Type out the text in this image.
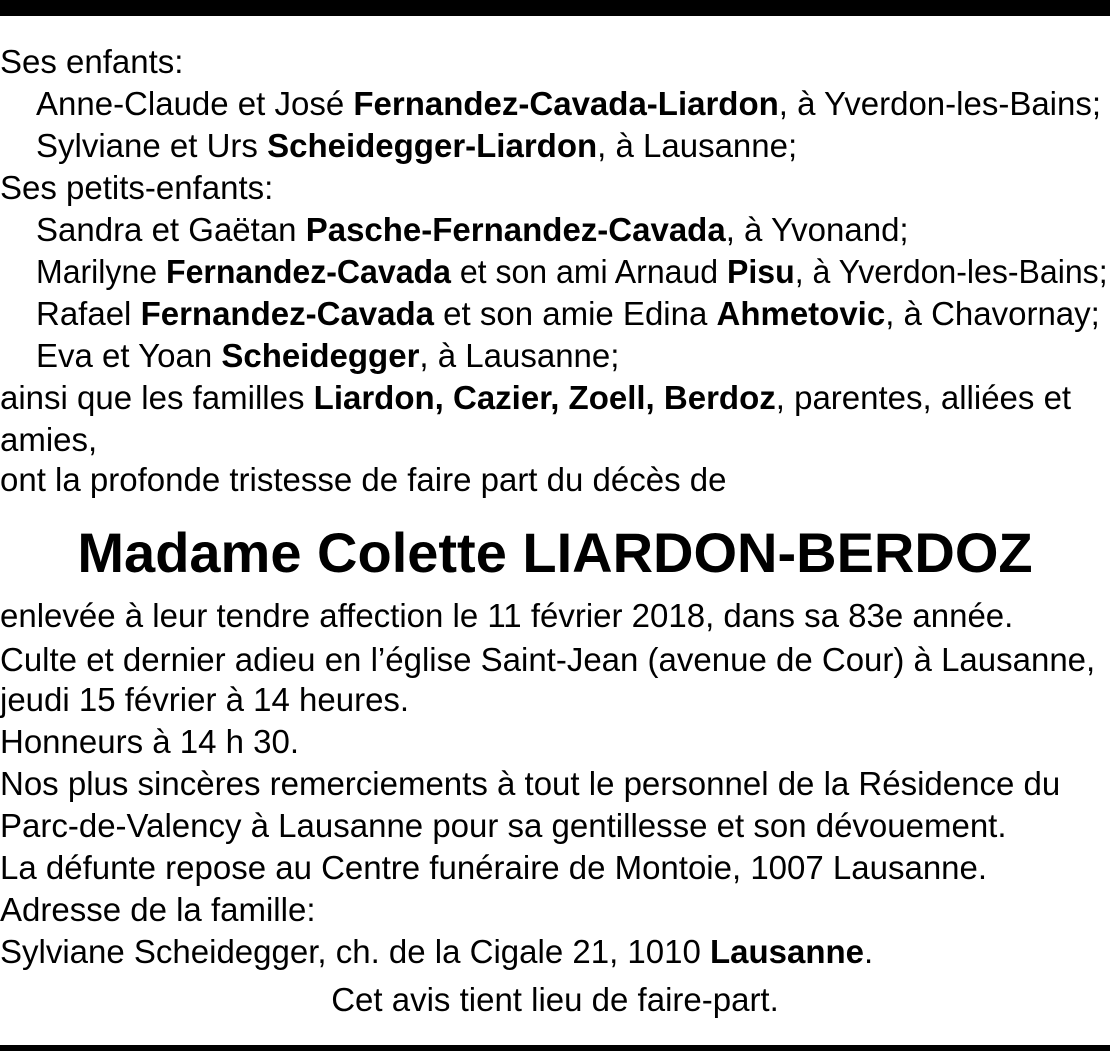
Ses enfants:
Anne-Claude et José Fernandez-Cavada-Liardon, à Yverdon-les-Bains;
Sylviane et Urs Scheidegger-Liardon, à Lausanne;
Ses petits-enfants:
Sandra et Gaëtan Pasche-Fernandez-Cavada, à Yvonand;
Marilyne Fernandez-Cavada et son ami Arnaud Pisu, à Yverdon-les-Bains;
Rafael Fernandez-Cavada et son amie Edina Ahmetovic, à Chavornay;
Eva et Yoan Scheidegger, à Lausanne;
ainsi que les familles Liardon, Cazier, Zoell, Berdoz, parentes, alliées et
amies,
ont la profonde tristesse de faire part du décès de
Madame Colette LIARDON-BERDOZ
enlevée à leur tendre affection le 11 février 2018, dans sa 83e année.
Culte et dernier adieu en l’église Saint-Jean (avenue de Cour) à Lausanne,
jeudi 15 février à 14 heures.
Honneurs à 14 h 30.
Nos plus sincères remerciements à tout le personnel de la Résidence du
Parc-de-Valency à Lausanne pour sa gentillesse et son dévouement.
La défunte repose au Centre funéraire de Montoie, 1007 Lausanne.
Adresse de la famille:
Sylviane Scheidegger, ch. de la Cigale 21, 1010 Lausanne.
Cet avis tient lieu de faire-part.
